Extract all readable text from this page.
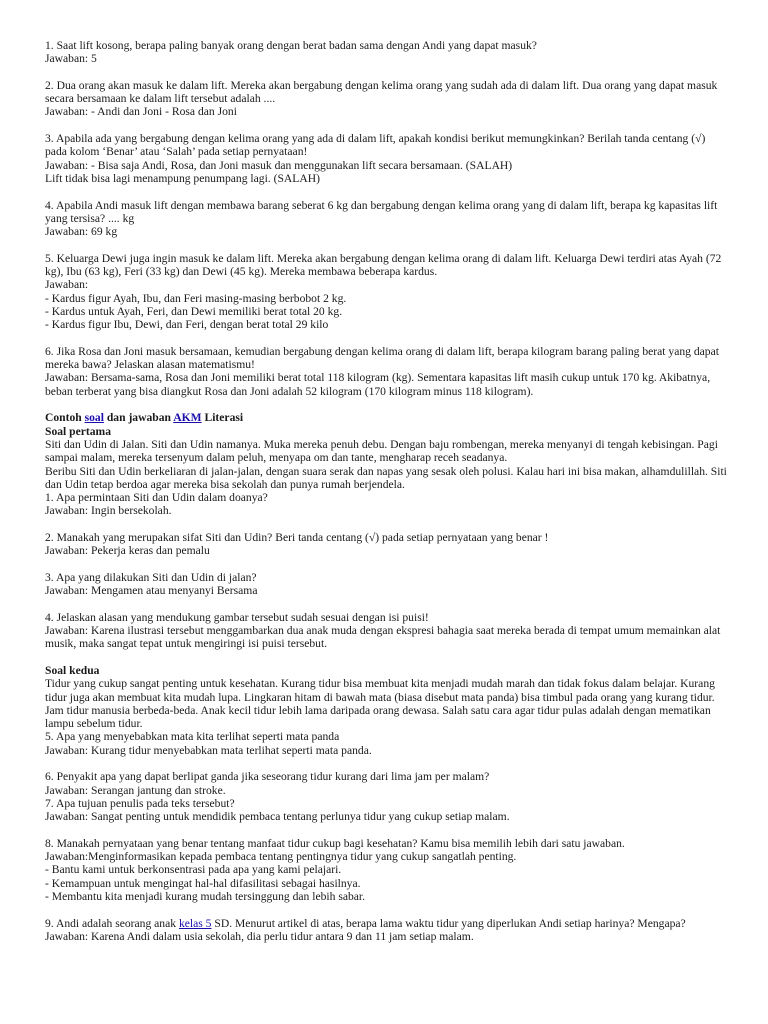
1. Saat lift kosong, berapa paling banyak orang dengan berat badan sama dengan Andi yang dapat masuk?
Jawaban: 5
2. Dua orang akan masuk ke dalam lift. Mereka akan bergabung dengan kelima orang yang sudah ada di dalam lift. Dua orang yang dapat masuk secara bersamaan ke dalam lift tersebut adalah ....
Jawaban: - Andi dan Joni - Rosa dan Joni
3. Apabila ada yang bergabung dengan kelima orang yang ada di dalam lift, apakah kondisi berikut memungkinkan? Berilah tanda centang (√) pada kolom ‘Benar’ atau ‘Salah’ pada setiap pernyataan!
Jawaban: - Bisa saja Andi, Rosa, dan Joni masuk dan menggunakan lift secara bersamaan. (SALAH)
Lift tidak bisa lagi menampung penumpang lagi. (SALAH)
4. Apabila Andi masuk lift dengan membawa barang seberat 6 kg dan bergabung dengan kelima orang yang di dalam lift, berapa kg kapasitas lift yang tersisa? .... kg
Jawaban: 69 kg
5. Keluarga Dewi juga ingin masuk ke dalam lift. Mereka akan bergabung dengan kelima orang di dalam lift. Keluarga Dewi terdiri atas Ayah (72 kg), Ibu (63 kg), Feri (33 kg) dan Dewi (45 kg). Mereka membawa beberapa kardus.
Jawaban:
- Kardus figur Ayah, Ibu, dan Feri masing-masing berbobot 2 kg.
- Kardus untuk Ayah, Feri, dan Dewi memiliki berat total 20 kg.
- Kardus figur Ibu, Dewi, dan Feri, dengan berat total 29 kilo
6. Jika Rosa dan Joni masuk bersamaan, kemudian bergabung dengan kelima orang di dalam lift, berapa kilogram barang paling berat yang dapat mereka bawa? Jelaskan alasan matematismu!
Jawaban: Bersama-sama, Rosa dan Joni memiliki berat total 118 kilogram (kg). Sementara kapasitas lift masih cukup untuk 170 kg. Akibatnya, beban terberat yang bisa diangkut Rosa dan Joni adalah 52 kilogram (170 kilogram minus 118 kilogram).
Contoh soal dan jawaban AKM Literasi
Soal pertama
Siti dan Udin di Jalan. Siti dan Udin namanya. Muka mereka penuh debu. Dengan baju rombengan, mereka menyanyi di tengah kebisingan. Pagi sampai malam, mereka tersenyum dalam peluh, menyapa om dan tante, mengharap receh seadanya.
Beribu Siti dan Udin berkeliaran di jalan-jalan, dengan suara serak dan napas yang sesak oleh polusi. Kalau hari ini bisa makan, alhamdulillah. Siti dan Udin tetap berdoa agar mereka bisa sekolah dan punya rumah berjendela.
1. Apa permintaan Siti dan Udin dalam doanya?
Jawaban: Ingin bersekolah.
2. Manakah yang merupakan sifat Siti dan Udin? Beri tanda centang (√) pada setiap pernyataan yang benar !
Jawaban: Pekerja keras dan pemalu
3. Apa yang dilakukan Siti dan Udin di jalan?
Jawaban: Mengamen atau menyanyi Bersama
4. Jelaskan alasan yang mendukung gambar tersebut sudah sesuai dengan isi puisi!
Jawaban: Karena ilustrasi tersebut menggambarkan dua anak muda dengan ekspresi bahagia saat mereka berada di tempat umum memainkan alat musik, maka sangat tepat untuk mengiringi isi puisi tersebut.
Soal kedua
Tidur yang cukup sangat penting untuk kesehatan. Kurang tidur bisa membuat kita menjadi mudah marah dan tidak fokus dalam belajar. Kurang tidur juga akan membuat kita mudah lupa. Lingkaran hitam di bawah mata (biasa disebut mata panda) bisa timbul pada orang yang kurang tidur.
Jam tidur manusia berbeda-beda. Anak kecil tidur lebih lama daripada orang dewasa. Salah satu cara agar tidur pulas adalah dengan mematikan lampu sebelum tidur.
5. Apa yang menyebabkan mata kita terlihat seperti mata panda
Jawaban: Kurang tidur menyebabkan mata terlihat seperti mata panda.
6. Penyakit apa yang dapat berlipat ganda jika seseorang tidur kurang dari lima jam per malam?
Jawaban: Serangan jantung dan stroke.
7. Apa tujuan penulis pada teks tersebut?
Jawaban: Sangat penting untuk mendidik pembaca tentang perlunya tidur yang cukup setiap malam.
8. Manakah pernyataan yang benar tentang manfaat tidur cukup bagi kesehatan? Kamu bisa memilih lebih dari satu jawaban.
Jawaban:Menginformasikan kepada pembaca tentang pentingnya tidur yang cukup sangatlah penting.
- Bantu kami untuk berkonsentrasi pada apa yang kami pelajari.
- Kemampuan untuk mengingat hal-hal difasilitasi sebagai hasilnya.
- Membantu kita menjadi kurang mudah tersinggung dan lebih sabar.
9. Andi adalah seorang anak kelas 5 SD. Menurut artikel di atas, berapa lama waktu tidur yang diperlukan Andi setiap harinya? Mengapa?
Jawaban: Karena Andi dalam usia sekolah, dia perlu tidur antara 9 dan 11 jam setiap malam.
